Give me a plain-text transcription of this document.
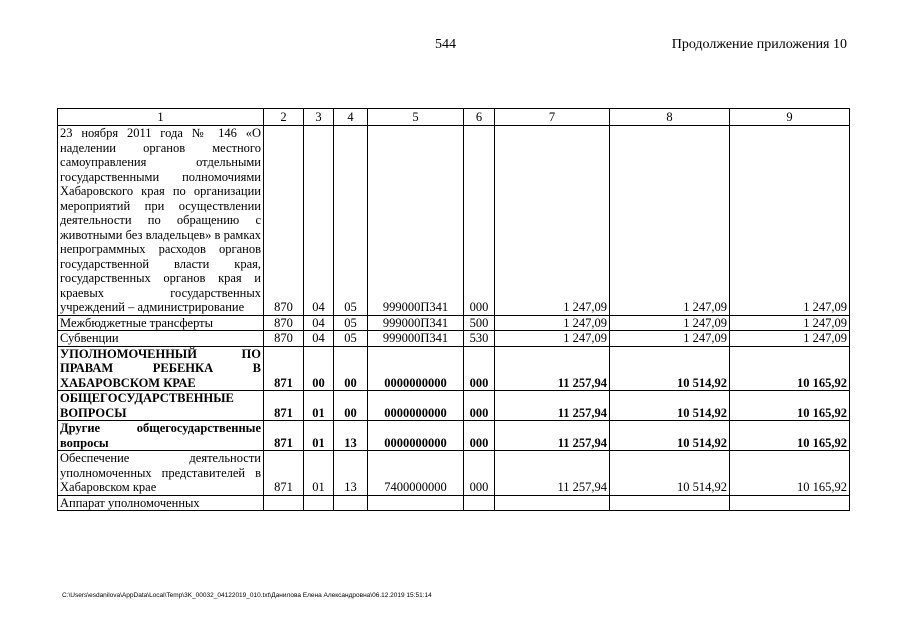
544	Продолжение приложения 10
1	2	3	4	5	6	7	8	9
23 ноября 2011 года № 146 «О наделении органов местного самоуправления отдельными государственными полномочиями Хабаровского края по организации мероприятий при осуществлении деятельности по обращению с животными без владельцев» в рамках непрограммных расходов органов государственной власти края, государственных органов края и краевых государственных учреждений – администрирование	870	04	05	999000П341	000	1 247,09	1 247,09	1 247,09
Межбюджетные трансферты	870	04	05	999000П341	500	1 247,09	1 247,09	1 247,09
Субвенции	870	04	05	999000П341	530	1 247,09	1 247,09	1 247,09
УПОЛНОМОЧЕННЫЙ ПО ПРАВАМ РЕБЕНКА В ХАБАРОВСКОМ КРАЕ	871	00	00	0000000000	000	11 257,94	10 514,92	10 165,92
ОБЩЕГОСУДАРСТВЕННЫЕ ВОПРОСЫ	871	01	00	0000000000	000	11 257,94	10 514,92	10 165,92
Другие общегосударственные вопросы	871	01	13	0000000000	000	11 257,94	10 514,92	10 165,92
Обеспечение деятельности уполномоченных представителей в Хабаровском крае	871	01	13	7400000000	000	11 257,94	10 514,92	10 165,92
Аппарат уполномоченных								
C:\Users\esdanilova\AppData\Local\Temp\3K_00032_04122019_010.txt\Данилова Елена Александровна\06.12.2019 15:51:14
